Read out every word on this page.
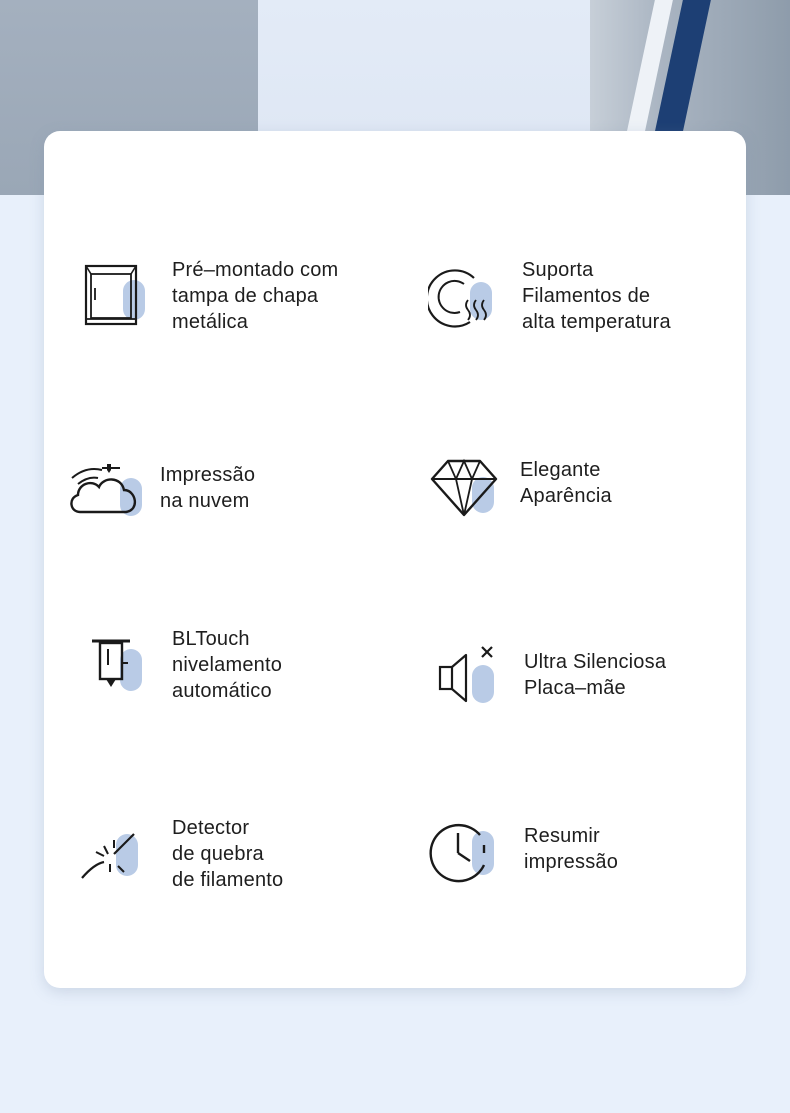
Pré–montado com
tampa de chapa
metálica
Suporta
Filamentos de
alta temperatura
Impressão
na nuvem
Elegante
Aparência
BLTouch
nivelamento
automático
Ultra Silenciosa
Placa–mãe
Detector
de quebra
de filamento
Resumir
impressão
